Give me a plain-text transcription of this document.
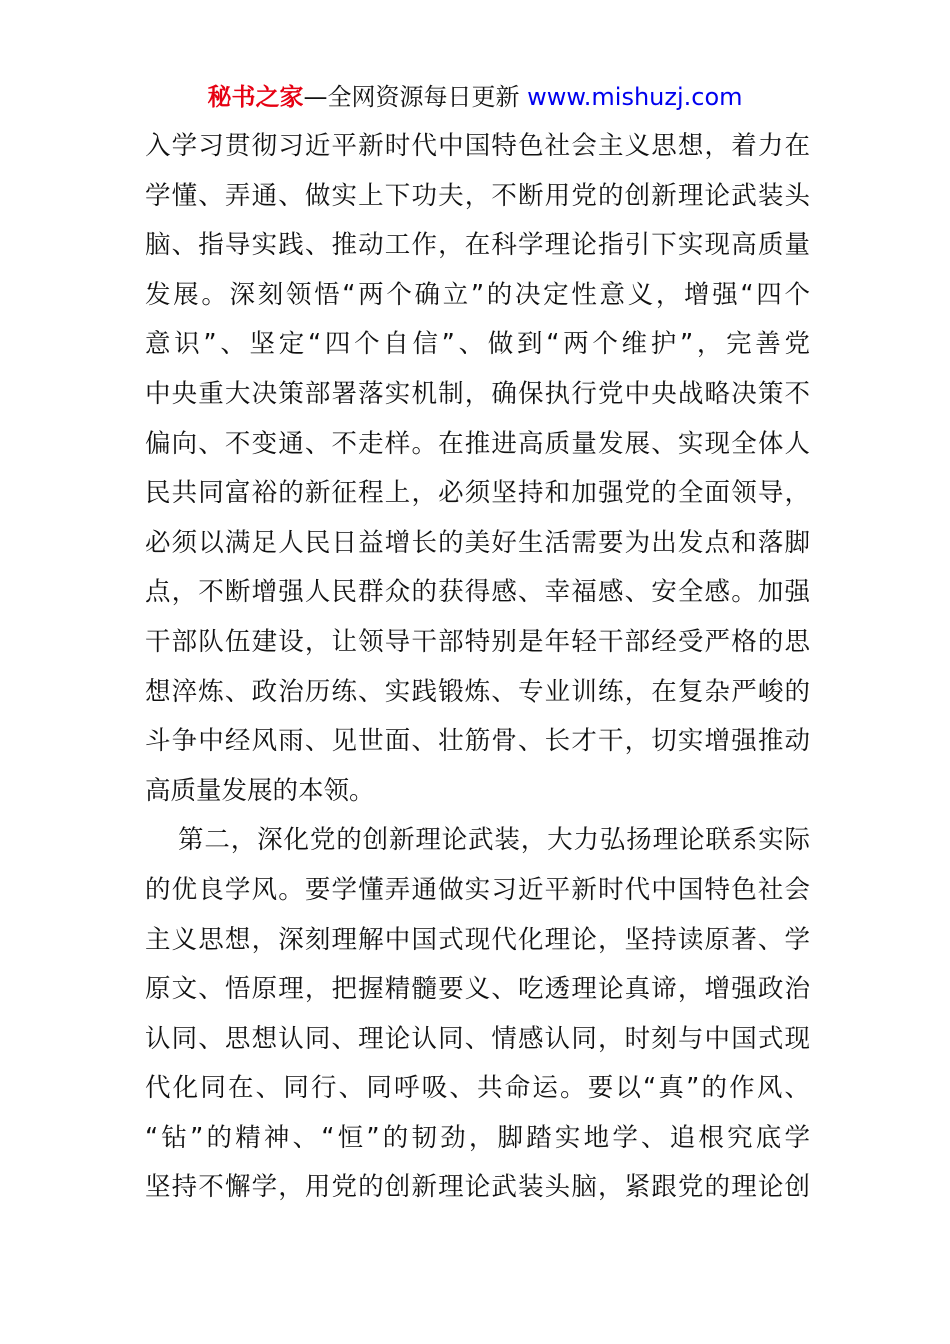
秘书之家—全网资源每日更新 www.mishuzj.com
入学习贯彻习近平新时代中国特色社会主义思想，着力在
学懂、弄通、做实上下功夫，不断用党的创新理论武装头
脑、指导实践、推动工作，在科学理论指引下实现高质量
发展。深刻领悟“两个确立”的决定性意义，增强“四个
意识”、坚定“四个自信”、做到“两个维护”，完善党
中央重大决策部署落实机制，确保执行党中央战略决策不
偏向、不变通、不走样。在推进高质量发展、实现全体人
民共同富裕的新征程上，必须坚持和加强党的全面领导，
必须以满足人民日益增长的美好生活需要为出发点和落脚
点，不断增强人民群众的获得感、幸福感、安全感。加强
干部队伍建设，让领导干部特别是年轻干部经受严格的思
想淬炼、政治历练、实践锻炼、专业训练，在复杂严峻的
斗争中经风雨、见世面、壮筋骨、长才干，切实增强推动
高质量发展的本领。
第二，深化党的创新理论武装，大力弘扬理论联系实际
的优良学风。要学懂弄通做实习近平新时代中国特色社会
主义思想，深刻理解中国式现代化理论，坚持读原著、学
原文、悟原理，把握精髓要义、吃透理论真谛，增强政治
认同、思想认同、理论认同、情感认同，时刻与中国式现
代化同在、同行、同呼吸、共命运。要以“真”的作风、
“钻”的精神、“恒”的韧劲，脚踏实地学、追根究底学
坚持不懈学，用党的创新理论武装头脑，紧跟党的理论创
